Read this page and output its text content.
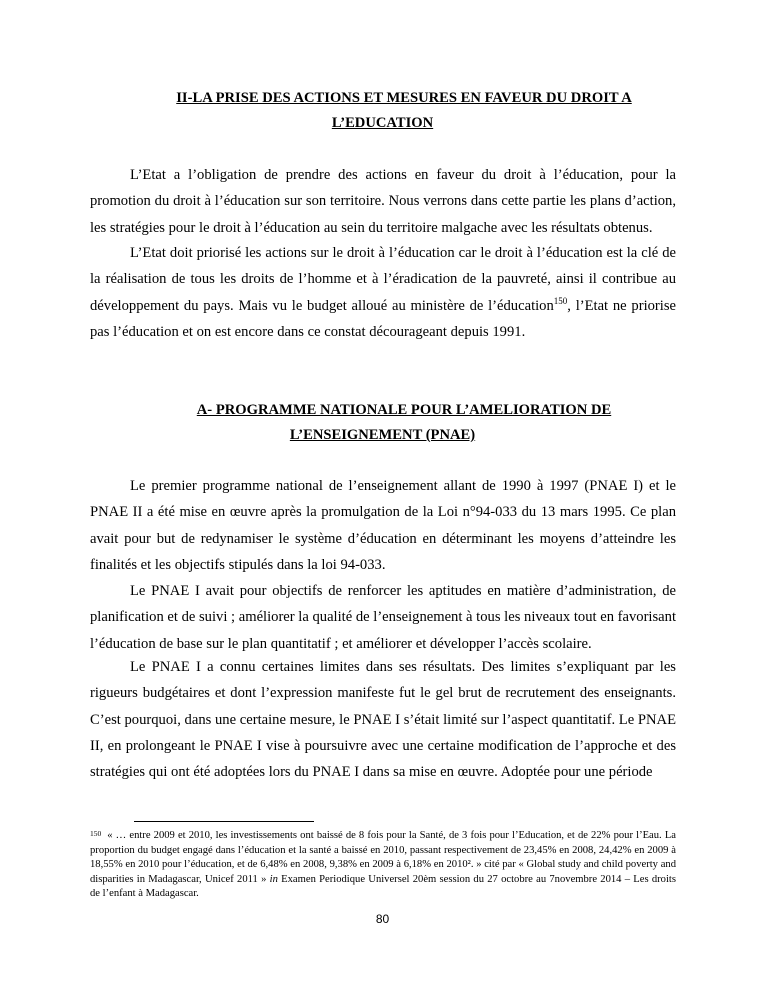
II-LA PRISE DES ACTIONS ET MESURES EN FAVEUR DU DROIT A
L’EDUCATION

L’Etat a l’obligation de prendre des actions en faveur du droit à l’éducation, pour la promotion du droit à l’éducation sur son territoire. Nous verrons dans cette partie les plans d’action, les stratégies pour le droit à l’éducation au sein du territoire malgache avec les résultats obtenus.

L’Etat doit priorisé les actions sur le droit à l’éducation car le droit à l’éducation est la clé de la réalisation de tous les droits de l’homme et à l’éradication de la pauvreté, ainsi il contribue au développement du pays. Mais vu le budget alloué au ministère de l’éducation$^{150}$, l’Etat ne priorise pas l’éducation et on est encore dans ce constat décourageant depuis 1991.

A- PROGRAMME NATIONALE POUR L’AMELIORATION DE
L’ENSEIGNEMENT (PNAE)

Le premier programme national de l’enseignement allant de 1990 à 1997 (PNAE I) et le PNAE II a été mise en œuvre après la promulgation de la Loi n°94-033 du 13 mars 1995. Ce plan avait pour but de redynamiser le système d’éducation en déterminant les moyens d’atteindre les finalités et les objectifs stipulés dans la loi 94-033.

Le PNAE I avait pour objectifs de renforcer les aptitudes en matière d’administration, de planification et de suivi ; améliorer la qualité de l’enseignement à tous les niveaux tout en favorisant l’éducation de base sur le plan quantitatif ; et améliorer et développer l’accès scolaire.

Le PNAE I a connu certaines limites dans ses résultats. Des limites s’expliquant par les rigueurs budgétaires et dont l’expression manifeste fut le gel brut de recrutement des enseignants. C’est pourquoi, dans une certaine mesure, le PNAE I s’était limité sur l’aspect quantitatif. Le PNAE II, en prolongeant le PNAE I vise à poursuivre avec une certaine modification de l’approche et des stratégies qui ont été adoptées lors du PNAE I dans sa mise en œuvre. Adoptée pour une période

150 « … entre 2009 et 2010, les investissements ont baissé de 8 fois pour la Santé, de 3 fois pour l’Education, et de 22% pour l’Eau. La proportion du budget engagé dans l’éducation et la santé a baissé en 2010, passant respectivement de 23,45% en 2008, 24,42% en 2009 à 18,55% en 2010 pour l’éducation, et de 6,48% en 2008, 9,38% en 2009 à 6,18% en 2010². » cité par « Global study and child poverty and disparities in Madagascar, Unicef 2011 » in Examen Periodique Universel 20èm session du 27 octobre au 7novembre 2014 – Les droits de l’enfant à Madagascar.

80
